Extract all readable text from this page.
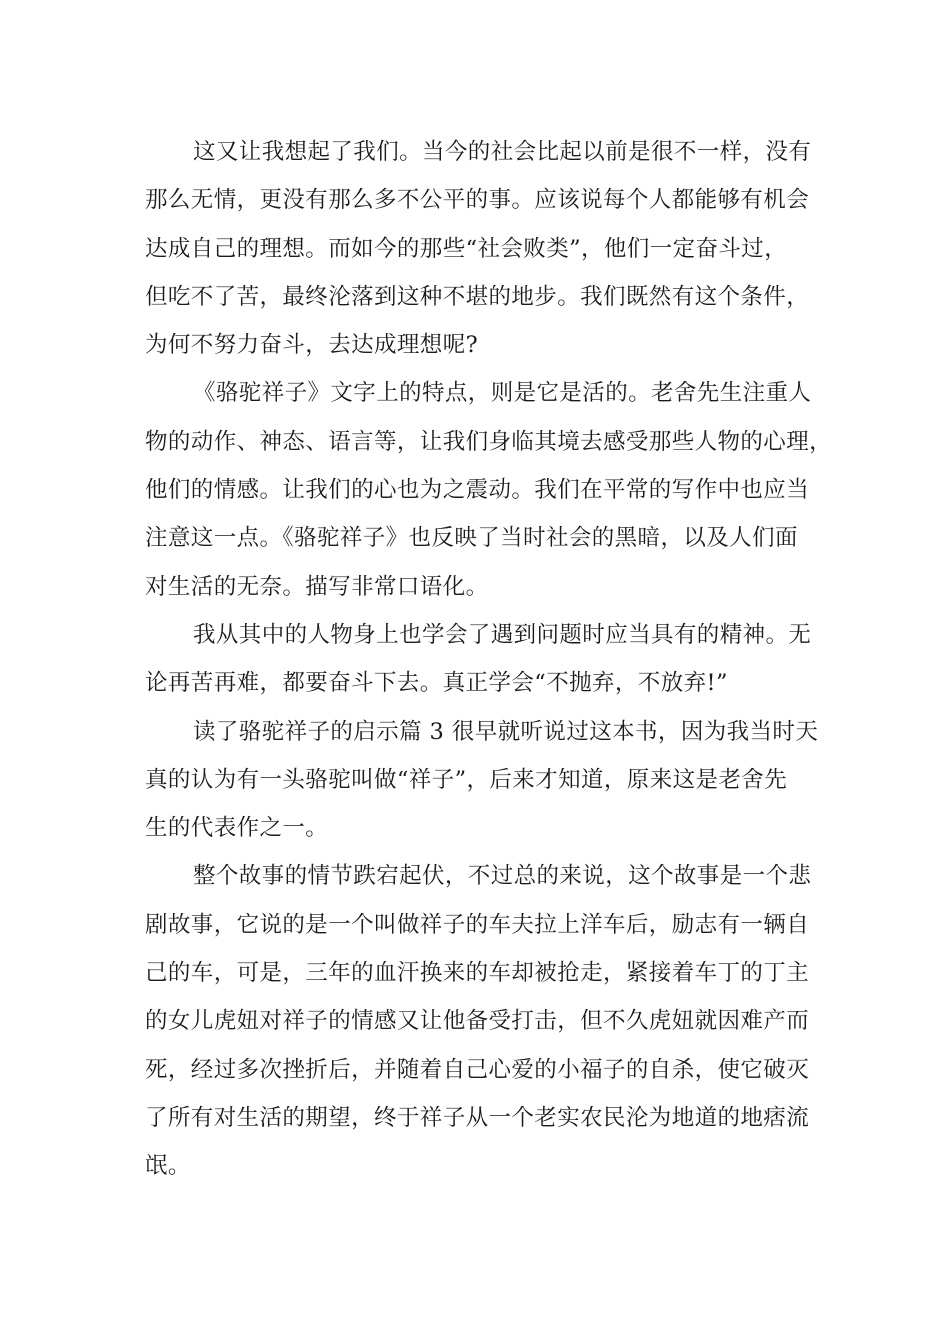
这又让我想起了我们。当今的社会比起以前是很不一样，没有
那么无情，更没有那么多不公平的事。应该说每个人都能够有机会
达成自己的理想。而如今的那些“社会败类”，他们一定奋斗过，
但吃不了苦，最终沦落到这种不堪的地步。我们既然有这个条件，
为何不努力奋斗，去达成理想呢?
《骆驼祥子》文字上的特点，则是它是活的。老舍先生注重人
物的动作、神态、语言等，让我们身临其境去感受那些人物的心理，
他们的情感。让我们的心也为之震动。我们在平常的写作中也应当
注意这一点。《骆驼祥子》也反映了当时社会的黑暗，以及人们面
对生活的无奈。描写非常口语化。
我从其中的人物身上也学会了遇到问题时应当具有的精神。无
论再苦再难，都要奋斗下去。真正学会“不抛弃，不放弃!”
读了骆驼祥子的启示篇 3 很早就听说过这本书，因为我当时天
真的认为有一头骆驼叫做“祥子”，后来才知道，原来这是老舍先
生的代表作之一。
整个故事的情节跌宕起伏，不过总的来说，这个故事是一个悲
剧故事，它说的是一个叫做祥子的车夫拉上洋车后，励志有一辆自
己的车，可是，三年的血汗换来的车却被抢走，紧接着车丁的丁主
的女儿虎妞对祥子的情感又让他备受打击，但不久虎妞就因难产而
死，经过多次挫折后，并随着自己心爱的小福子的自杀，使它破灭
了所有对生活的期望，终于祥子从一个老实农民沦为地道的地痞流
氓。
